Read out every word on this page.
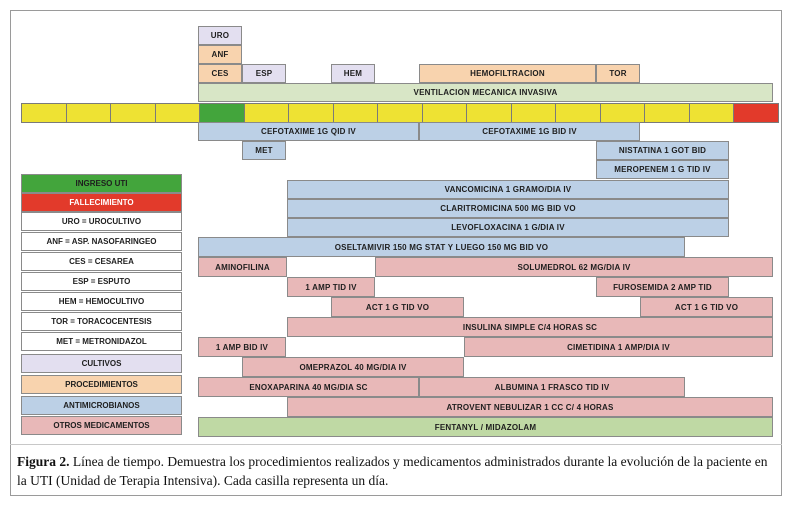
URO
ANF
CES	ESP	HEM	HEMOFILTRACION	TOR
VENTILACION MECANICA INVASIVA
CEFOTAXIME 1G QID IV	CEFOTAXIME 1G BID IV
MET	NISTATINA 1 GOT BID
MEROPENEM 1 G TID IV
VANCOMICINA 1 GRAMO/DIA IV
CLARITROMICINA 500 MG BID VO
LEVOFLOXACINA 1 G/DIA IV
OSELTAMIVIR 150 MG STAT Y LUEGO 150 MG BID VO
AMINOFILINA	SOLUMEDROL 62 MG/DIA IV
1 AMP TID IV	FUROSEMIDA 2 AMP TID
ACT 1 G TID VO	ACT 1 G TID VO
INSULINA SIMPLE C/4 HORAS SC
1 AMP BID IV	CIMETIDINA 1 AMP/DIA IV
OMEPRAZOL 40 MG/DIA IV
ENOXAPARINA 40 MG/DIA SC	ALBUMINA 1 FRASCO TID IV
ATROVENT NEBULIZAR 1 CC C/ 4 HORAS
FENTANYL / MIDAZOLAM
INGRESO UTI
FALLECIMIENTO
URO = UROCULTIVO
ANF = ASP. NASOFARINGEO
CES = CESAREA
ESP = ESPUTO
HEM = HEMOCULTIVO
TOR = TORACOCENTESIS
MET = METRONIDAZOL
CULTIVOS
PROCEDIMIENTOS
ANTIMICROBIANOS
OTROS MEDICAMENTOS
Figura 2. Línea de tiempo. Demuestra los procedimientos realizados y medicamentos administrados durante la evolución de la paciente en la UTI (Unidad de Terapia Intensiva). Cada casilla representa un día.
